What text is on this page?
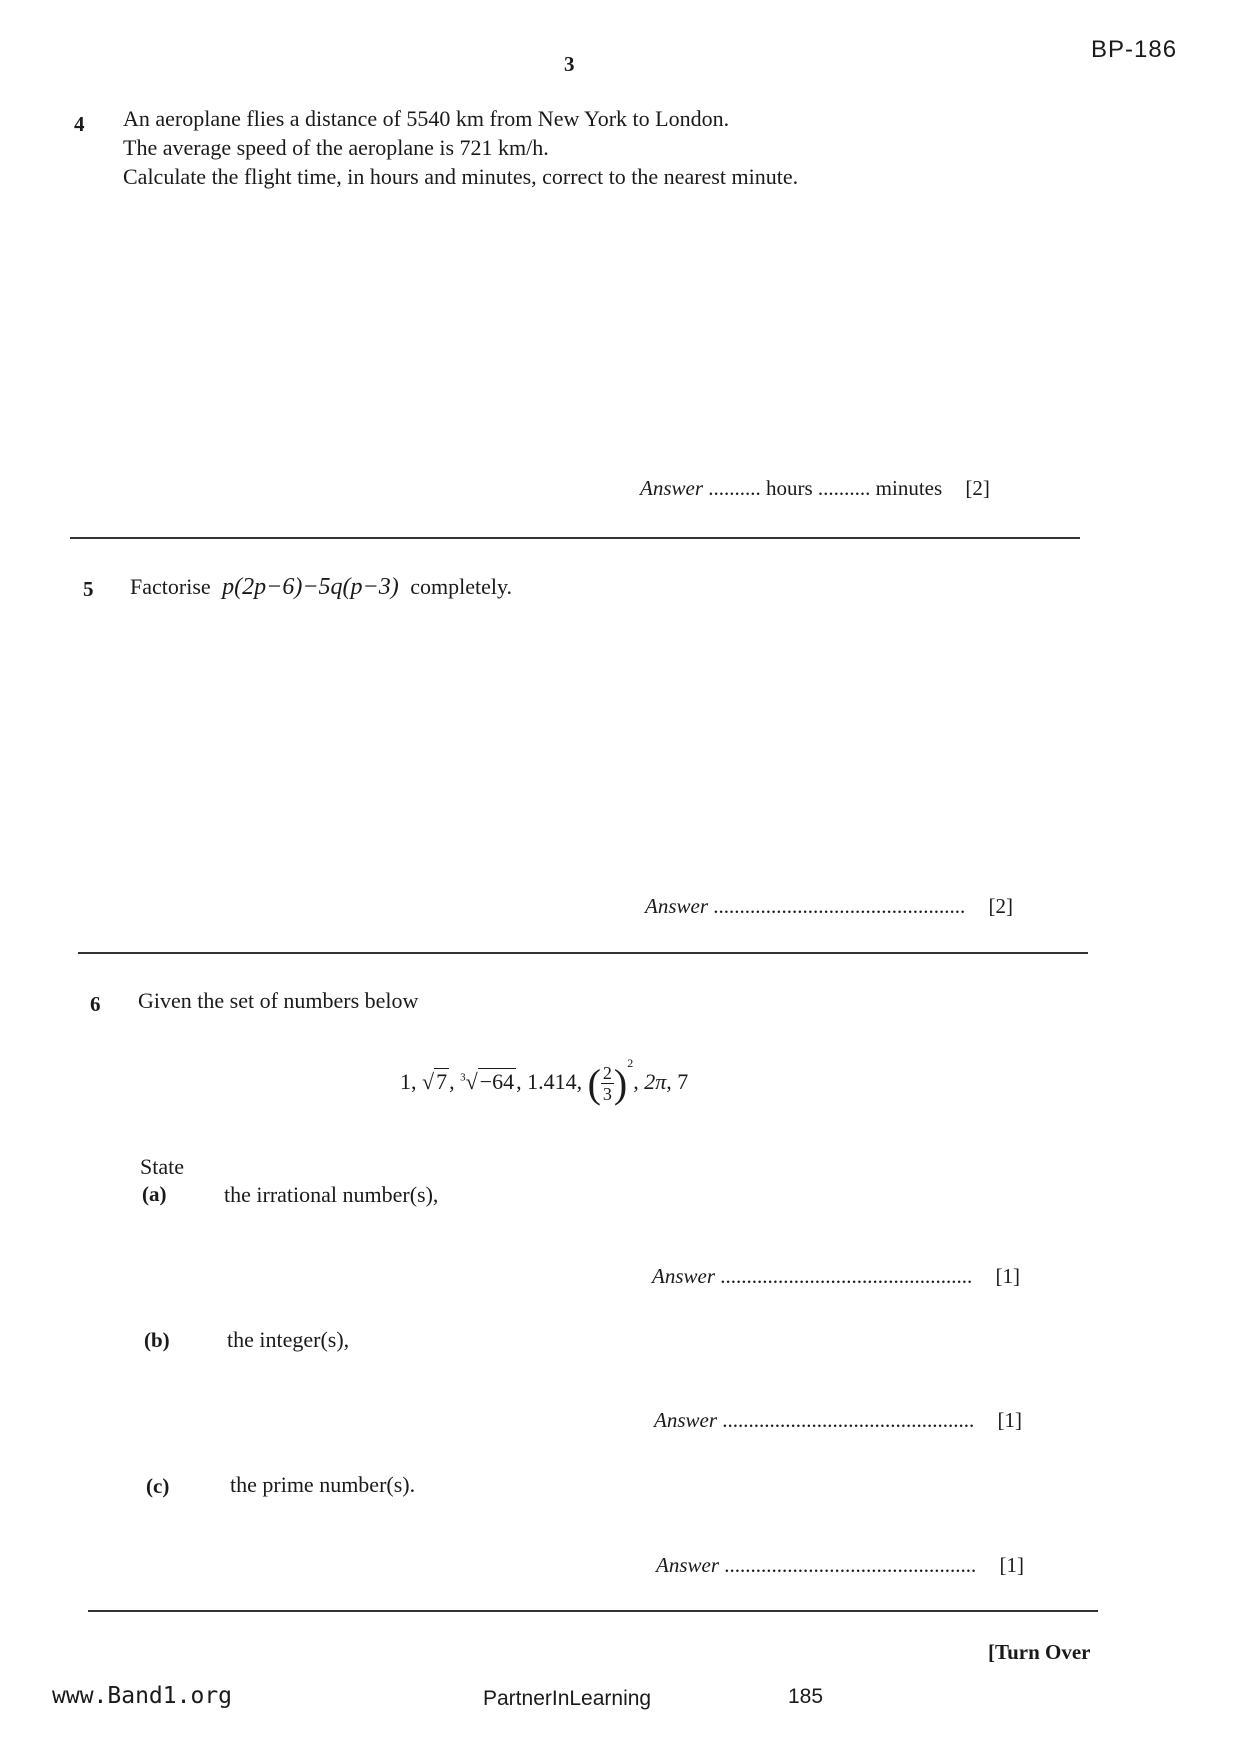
3
BP-186
4 An aeroplane flies a distance of 5540 km from New York to London.
The average speed of the aeroplane is 721 km/h.
Calculate the flight time, in hours and minutes, correct to the nearest minute.
Answer .......... hours .......... minutes [2]
5 Factorise p(2p−6)−5q(p−3) completely.
Answer ................................................ [2]
6 Given the set of numbers below
1, √7, $^3$√−64, 1.414, ( $\frac{2}{3} )^2$, 2π, 7
State
(a)	the irrational number(s),
Answer ................................................ [1]
(b)	the integer(s),
Answer ................................................ [1]
(c)	the prime number(s).
Answer ................................................ [1]
[Turn Over
www.Band1.org	PartnerInLearning	185
